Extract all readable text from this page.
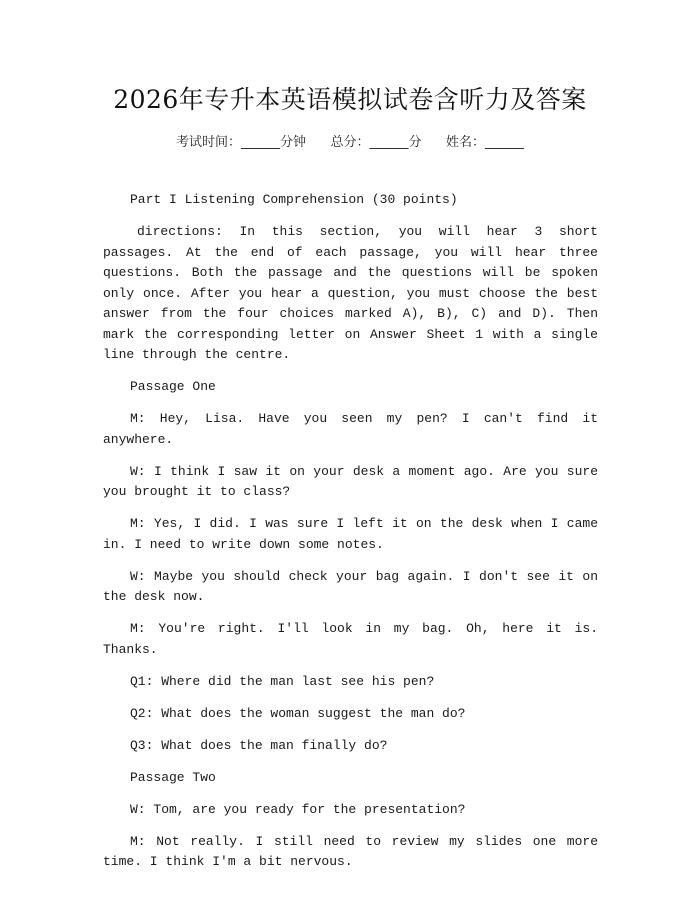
2026年专升本英语模拟试卷含听力及答案
考试时间：______分钟    总分：______分    姓名：______

Part I Listening Comprehension (30 points)

directions: In this section, you will hear 3 short passages. At the end of each passage, you will hear three questions. Both the passage and the questions will be spoken only once. After you hear a question, you must choose the best answer from the four choices marked A), B), C) and D). Then mark the corresponding letter on Answer Sheet 1 with a single line through the centre.

Passage One

M: Hey, Lisa. Have you seen my pen? I can't find it anywhere.

W: I think I saw it on your desk a moment ago. Are you sure you brought it to class?

M: Yes, I did. I was sure I left it on the desk when I came in. I need to write down some notes.

W: Maybe you should check your bag again. I don't see it on the desk now.

M: You're right. I'll look in my bag. Oh, here it is. Thanks.

Q1: Where did the man last see his pen?

Q2: What does the woman suggest the man do?

Q3: What does the man finally do?

Passage Two

W: Tom, are you ready for the presentation?

M: Not really. I still need to review my slides one more time. I think I'm a bit nervous.
